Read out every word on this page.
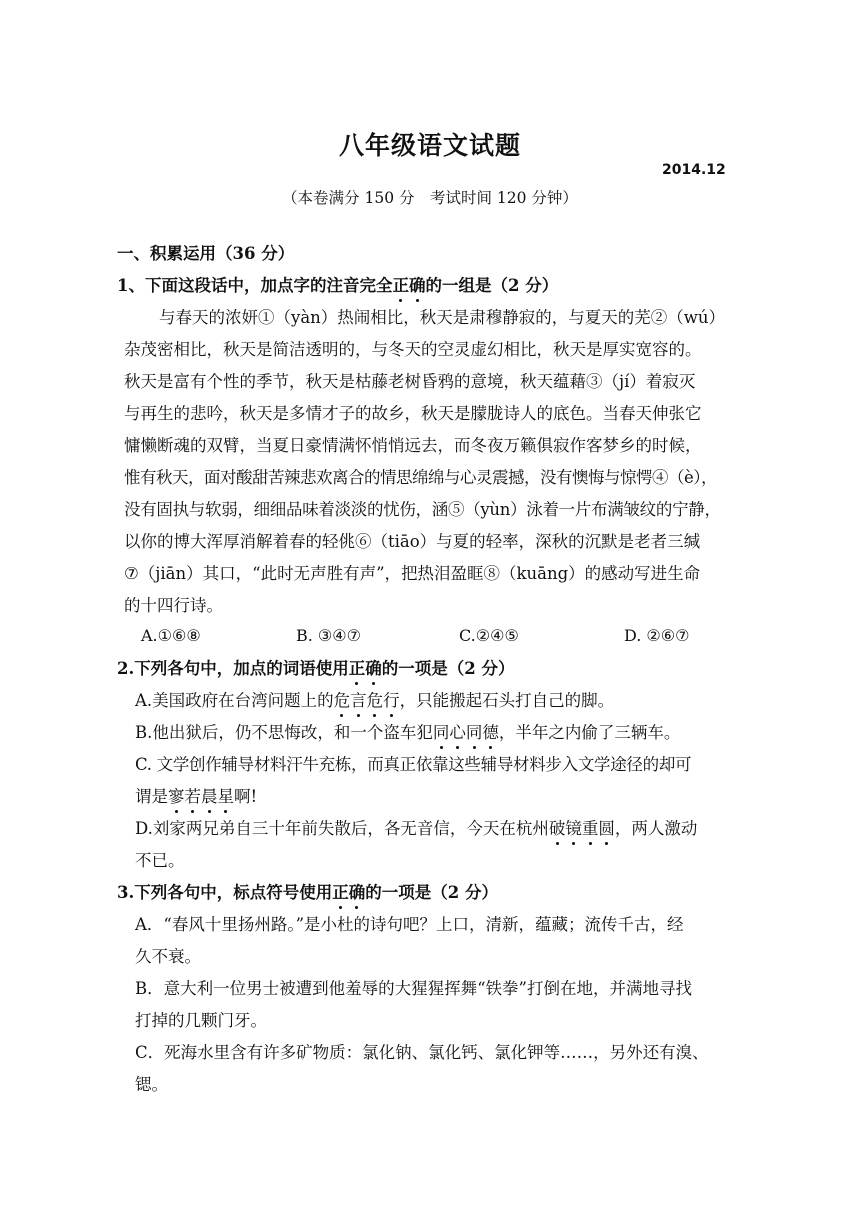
八年级语文试题
2014.12
（本卷满分 150 分　考试时间 120 分钟）
一、积累运用（36 分）
1、下面这段话中，加点字的注音完全正确的一组是（2 分）
与春天的浓妍①（yàn）热闹相比，秋天是肃穆静寂的，与夏天的芜②（wú）
杂茂密相比，秋天是简洁透明的，与冬天的空灵虚幻相比，秋天是厚实宽容的。
秋天是富有个性的季节，秋天是枯藤老树昏鸦的意境，秋天蕴藉③（jí）着寂灭
与再生的悲吟，秋天是多情才子的故乡，秋天是朦胧诗人的底色。当春天伸张它
慵懒断魂的双臂，当夏日豪情满怀悄悄远去，而冬夜万籁俱寂作客梦乡的时候，
惟有秋天，面对酸甜苦辣悲欢离合的情思绵绵与心灵震撼，没有懊悔与惊愕④（è），
没有固执与软弱，细细品味着淡淡的忧伤，涵⑤（yùn）泳着一片布满皱纹的宁静，
以你的博大浑厚消解着春的轻佻⑥（tiāo）与夏的轻率，深秋的沉默是老者三缄
⑦（jiān）其口，“此时无声胜有声”，把热泪盈眶⑧（kuāng）的感动写进生命
的十四行诗。
A.①⑥⑧	B. ③④⑦	C.②④⑤	D. ②⑥⑦
2.下列各句中，加点的词语使用正确的一项是（2 分）
A.美国政府在台湾问题上的危言危行，只能搬起石头打自己的脚。
B.他出狱后，仍不思悔改，和一个盗车犯同心同德，半年之内偷了三辆车。
C. 文学创作辅导材料汗牛充栋，而真正依靠这些辅导材料步入文学途径的却可
谓是寥若晨星啊!
D.刘家两兄弟自三十年前失散后，各无音信，今天在杭州破镜重圆，两人激动
不已。
3.下列各句中，标点符号使用正确的一项是（2 分）
A．“春风十里扬州路。”是小杜的诗句吧？上口，清新，蕴藏；流传千古，经
久不衰。
B．意大利一位男士被遭到他羞辱的大猩猩挥舞“铁拳”打倒在地，并满地寻找
打掉的几颗门牙。
C．死海水里含有许多矿物质：氯化钠、氯化钙、氯化钾等……，另外还有溴、
锶。
